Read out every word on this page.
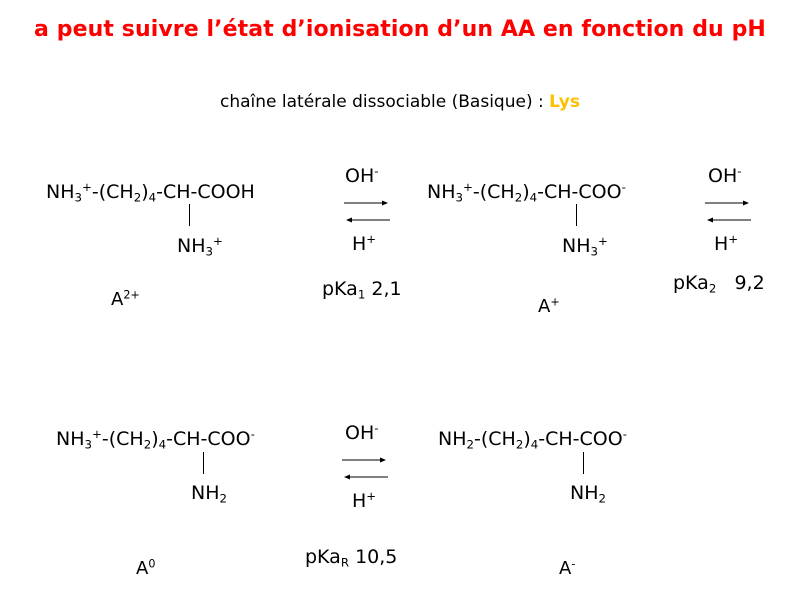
a peut suivre l’état d’ionisation d’un AA en fonction du pH
chaîne latérale dissociable (Basique) : Lys
$NH_3^+-(CH_2)_4-CH$-COOH
$NH_3^+$
$A^{2+}$
OH-
H+
pKa$_1$ 2,1
$NH_3^+-(CH_2)_4-CH-COO^-$
$NH_3^+$
A+
OH-
H+
pKa$_2$   9,2
$NH_3^+-(CH_2)_4-CH-COO^-$
$NH_2$
$A^0$
OH-
H+
pKa$_R$ 10,5
$NH_2-(CH_2)_4-CH-COO^-$
$NH_2$
A-
